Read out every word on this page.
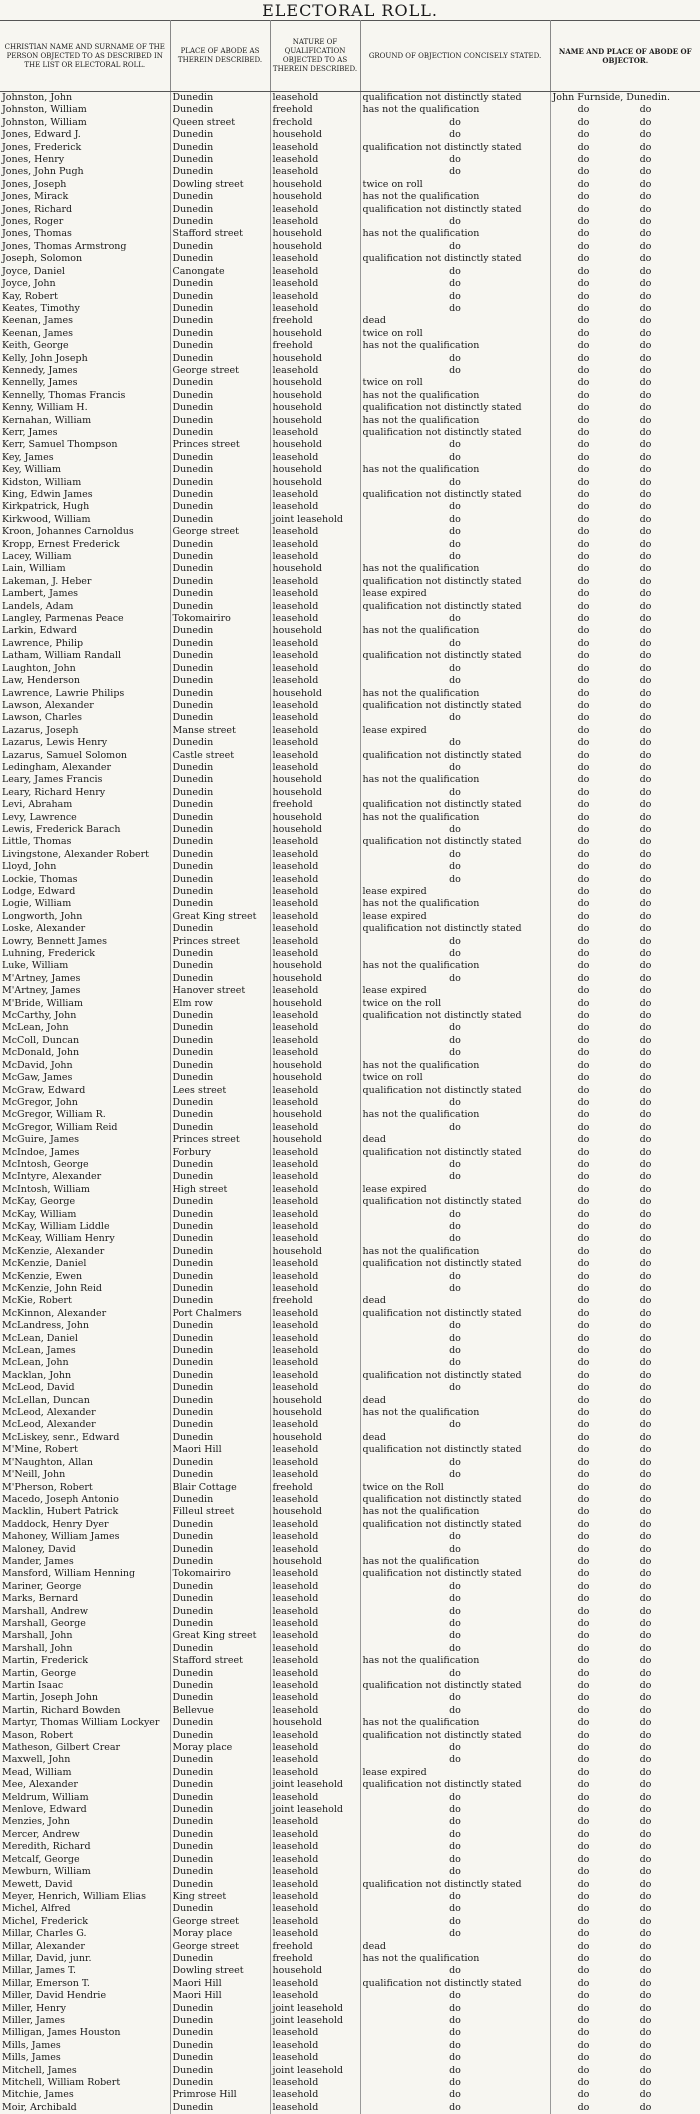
ELECTORAL ROLL.
CHRISTIAN NAME AND SURNAME OF THE PERSON OBJECTED TO AS DESCRIBED IN THE LIST OR ELECTORAL ROLL.	PLACE OF ABODE AS THEREIN DESCRIBED.	NATURE OF QUALIFICATION OBJECTED TO AS THEREIN DESCRIBED.	GROUND OF OBJECTION CONCISELY STATED.	NAME AND PLACE OF ABODE OF OBJECTOR.
Johnston, John	Dunedin	leasehold	qualification not distinctly stated		John Furnside, Dunedin.

Johnston, William	Dunedin	freehold	has not the qualification		do	do

Johnston, William	Queen street	frechold	do		do	do

Jones, Edward J.	Dunedin	household	do		do	do

Jones, Frederick	Dunedin	leasehold	qualification not distinctly stated		do	do

Jones, Henry	Dunedin	leasehold	do		do	do

Jones, John Pugh	Dunedin	leasehold	do		do	do

Jones, Joseph	Dowling street	household	twice on roll		do	do

Jones, Mirack	Dunedin	household	has not the qualification		do	do

Jones, Richard	Dunedin	leasehold	qualification not distinctly stated		do	do

Jones, Roger	Dunedin	leasehold	do		do	do

Jones, Thomas	Stafford street	household	has not the qualification		do	do

Jones, Thomas Armstrong	Dunedin	household	do		do	do

Joseph, Solomon	Dunedin	leasehold	qualification not distinctly stated		do	do

Joyce, Daniel	Canongate	leasehold	do		do	do

Joyce, John	Dunedin	leasehold	do		do	do

Kay, Robert	Dunedin	leasehold	do		do	do

Keates, Timothy	Dunedin	leasehold	do		do	do

Keenan, James	Dunedin	freehold	dead		do	do

Keenan, James	Dunedin	household	twice on roll		do	do

Keith, George	Dunedin	freehold	has not the qualification		do	do

Kelly, John Joseph	Dunedin	household	do		do	do

Kennedy, James	George street	leasehold	do		do	do

Kennelly, James	Dunedin	household	twice on roll		do	do

Kennelly, Thomas Francis	Dunedin	household	has not the qualification		do	do

Kenny, William H.	Dunedin	household	qualification not distinctly stated		do	do

Kernahan, William	Dunedin	household	has not the qualification		do	do

Kerr, James	Dunedin	leasehold	qualification not distinctly stated		do	do

Kerr, Samuel Thompson	Princes street	household	do		do	do

Key, James	Dunedin	leasehold	do		do	do

Key, William	Dunedin	household	has not the qualification		do	do

Kidston, William	Dunedin	household	do		do	do

King, Edwin James	Dunedin	leasehold	qualification not distinctly stated		do	do

Kirkpatrick, Hugh	Dunedin	leasehold	do		do	do

Kirkwood, William	Dunedin	joint leasehold	do		do	do

Kroon, Johannes Carnoldus	George street	leasehold	do		do	do

Kropp, Ernest Frederick	Dunedin	leasehold	do		do	do

Lacey, William	Dunedin	leasehold	do		do	do

Lain, William	Dunedin	household	has not the qualification		do	do

Lakeman, J. Heber	Dunedin	leasehold	qualification not distinctly stated		do	do

Lambert, James	Dunedin	leasehold	lease expired		do	do

Landels, Adam	Dunedin	leasehold	qualification not distinctly stated		do	do

Langley, Parmenas Peace	Tokomairiro	leasehold	do		do	do

Larkin, Edward	Dunedin	household	has not the qualification		do	do

Lawrence, Philip	Dunedin	leasehold	do		do	do

Latham, William Randall	Dunedin	leasehold	qualification not distinctly stated		do	do

Laughton, John	Dunedin	leasehold	do		do	do

Law, Henderson	Dunedin	leasehold	do		do	do

Lawrence, Lawrie Philips	Dunedin	household	has not the qualification		do	do

Lawson, Alexander	Dunedin	leasehold	qualification not distinctly stated		do	do

Lawson, Charles	Dunedin	leasehold	do		do	do

Lazarus, Joseph	Manse street	leasehold	lease expired		do	do

Lazarus, Lewis Henry	Dunedin	leasehold	do		do	do

Lazarus, Samuel Solomon	Castle street	leasehold	qualification not distinctly stated		do	do

Ledingham, Alexander	Dunedin	leasehold	do		do	do

Leary, James Francis	Dunedin	household	has not the qualification		do	do

Leary, Richard Henry	Dunedin	household	do		do	do

Levi, Abraham	Dunedin	freehold	qualification not distinctly stated		do	do

Levy, Lawrence	Dunedin	household	has not the qualification		do	do

Lewis, Frederick Barach	Dunedin	household	do		do	do

Little, Thomas	Dunedin	leasehold	qualification not distinctly stated		do	do

Livingstone, Alexander Robert	Dunedin	leasehold	do		do	do

Lloyd, John	Dunedin	leasehold	do		do	do

Lockie, Thomas	Dunedin	leasehold	do		do	do

Lodge, Edward	Dunedin	leasehold	lease expired		do	do

Logie, William	Dunedin	leasehold	has not the qualification		do	do

Longworth, John	Great King street	leasehold	lease expired		do	do

Loske, Alexander	Dunedin	leasehold	qualification not distinctly stated		do	do

Lowry, Bennett James	Princes street	leasehold	do		do	do

Luhning, Frederick	Dunedin	leasehold	do		do	do

Luke, William	Dunedin	household	has not the qualification		do	do

M'Artney, James	Dunedin	household	do		do	do

M'Artney, James	Hanover street	leasehold	lease expired		do	do

M'Bride, William	Elm row	household	twice on the roll		do	do

McCarthy, John	Dunedin	leasehold	qualification not distinctly stated		do	do

McLean, John	Dunedin	leasehold	do		do	do

McColl, Duncan	Dunedin	leasehold	do		do	do

McDonald, John	Dunedin	leasehold	do		do	do

McDavid, John	Dunedin	household	has not the qualification		do	do

McGaw, James	Dunedin	household	twice on roll		do	do

McGraw, Edward	Lees street	leasehold	qualification not distinctly stated		do	do

McGregor, John	Dunedin	leasehold	do		do	do

McGregor, William R.	Dunedin	household	has not the qualification		do	do

McGregor, William Reid	Dunedin	leasehold	do		do	do

McGuire, James	Princes street	household	dead		do	do

McIndoe, James	Forbury	leasehold	qualification not distinctly stated		do	do

McIntosh, George	Dunedin	leasehold	do		do	do

McIntyre, Alexander	Dunedin	leasehold	do		do	do

McIntosh, William	High street	leasehold	lease expired		do	do

McKay, George	Dunedin	leasehold	qualification not distinctly stated		do	do

McKay, William	Dunedin	leasehold	do		do	do

McKay, William Liddle	Dunedin	leasehold	do		do	do

McKeay, William Henry	Dunedin	leasehold	do		do	do

McKenzie, Alexander	Dunedin	household	has not the qualification		do	do

McKenzie, Daniel	Dunedin	leasehold	qualification not distinctly stated		do	do

McKenzie, Ewen	Dunedin	leasehold	do		do	do

McKenzie, John Reid	Dunedin	leasehold	do		do	do

McKie, Robert	Dunedin	freehold	dead		do	do

McKinnon, Alexander	Port Chalmers	leasehold	qualification not distinctly stated		do	do

McLandress, John	Dunedin	leasehold	do		do	do

McLean, Daniel	Dunedin	leasehold	do		do	do

McLean, James	Dunedin	leasehold	do		do	do

McLean, John	Dunedin	leasehold	do		do	do

Macklan, John	Dunedin	leasehold	qualification not distinctly stated		do	do

McLeod, David	Dunedin	leasehold	do		do	do

McLellan, Duncan	Dunedin	household	dead		do	do

McLeod, Alexander	Dunedin	household	has not the qualification		do	do

McLeod, Alexander	Dunedin	leasehold	do		do	do

McLiskey, senr., Edward	Dunedin	household	dead		do	do

M'Mine, Robert	Maori Hill	leasehold	qualification not distinctly stated		do	do

M'Naughton, Allan	Dunedin	leasehold	do		do	do

M'Neill, John	Dunedin	leasehold	do		do	do

M'Pherson, Robert	Blair Cottage	freehold	twice on the Roll		do	do

Macedo, Joseph Antonio	Dunedin	leasehold	qualification not distinctly stated		do	do

Macklin, Hubert Patrick	Filleul street	household	has not the qualification		do	do

Maddock, Henry Dyer	Dunedin	leasehold	qualification not distinctly stated		do	do

Mahoney, William James	Dunedin	leasehold	do		do	do

Maloney, David	Dunedin	leasehold	do		do	do

Mander, James	Dunedin	household	has not the qualification		do	do

Mansford, William Henning	Tokomairiro	leasehold	qualification not distinctly stated		do	do

Mariner, George	Dunedin	leasehold	do		do	do

Marks, Bernard	Dunedin	leasehold	do		do	do

Marshall, Andrew	Dunedin	leasehold	do		do	do

Marshall, George	Dunedin	leasehold	do		do	do

Marshall, John	Great King street	leasehold	do		do	do

Marshall, John	Dunedin	leasehold	do		do	do

Martin, Frederick	Stafford street	leasehold	has not the qualification		do	do

Martin, George	Dunedin	leasehold	do		do	do

Martin Isaac	Dunedin	leasehold	qualification not distinctly stated		do	do

Martin, Joseph John	Dunedin	leasehold	do		do	do

Martin, Richard Bowden	Bellevue	leasehold	do		do	do

Martyr, Thomas William Lockyer	Dunedin	household	has not the qualification		do	do

Mason, Robert	Dunedin	leasehold	qualification not distinctly stated		do	do

Matheson, Gilbert Crear	Moray place	leasehold	do		do	do

Maxwell, John	Dunedin	leasehold	do		do	do

Mead, William	Dunedin	leasehold	lease expired		do	do

Mee, Alexander	Dunedin	joint leasehold	qualification not distinctly stated		do	do

Meldrum, William	Dunedin	leasehold	do		do	do

Menlove, Edward	Dunedin	joint leasehold	do		do	do

Menzies, John	Dunedin	leasehold	do		do	do

Mercer, Andrew	Dunedin	leasehold	do		do	do

Meredith, Richard	Dunedin	leasehold	do		do	do

Metcalf, George	Dunedin	leasehold	do		do	do

Mewburn, William	Dunedin	leasehold	do		do	do

Mewett, David	Dunedin	leasehold	qualification not distinctly stated		do	do

Meyer, Henrich, William Elias	King street	leasehold	do		do	do

Michel, Alfred	Dunedin	leasehold	do		do	do

Michel, Frederick	George street	leasehold	do		do	do

Millar, Charles G.	Moray place	leasehold	do		do	do

Millar, Alexander	George street	freehold	dead		do	do

Millar, David, junr.	Dunedin	freehold	has not the qualification		do	do

Millar, James T.	Dowling street	household	do		do	do

Millar, Emerson T.	Maori Hill	leasehold	qualification not distinctly stated		do	do

Miller, David Hendrie	Maori Hill	leasehold	do		do	do

Miller, Henry	Dunedin	joint leasehold	do		do	do

Miller, James	Dunedin	joint leasehold	do		do	do

Milligan, James Houston	Dunedin	leasehold	do		do	do

Mills, James	Dunedin	leasehold	do		do	do

Mills, James	Dunedin	leasehold	do		do	do

Mitchell, James	Dunedin	joint leasehold	do		do	do

Mitchell, William Robert	Dunedin	leasehold	do		do	do

Mitchie, James	Primrose Hill	leasehold	do		do	do

Moir, Archibald	Dunedin	leasehold	do		do	do
